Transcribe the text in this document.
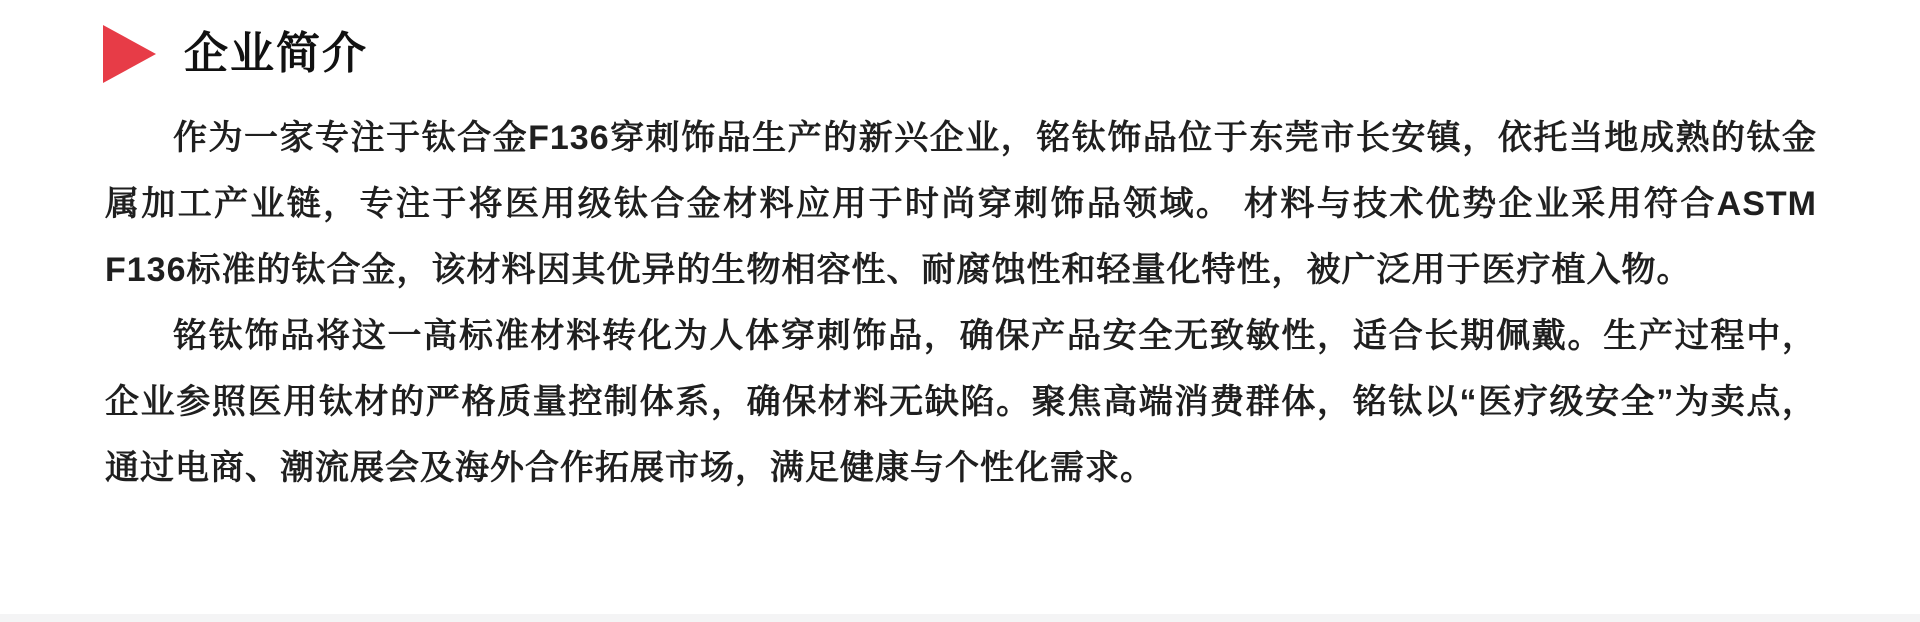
企业简介

作为一家专注于钛合金F136穿刺饰品生产的新兴企业，铭钛饰品位于东莞市长安镇，依托当地成熟的钛金属加工产业链，专注于将医用级钛合金材料应用于时尚穿刺饰品领域。 材料与技术优势企业采用符合ASTM F136标准的钛合金，该材料因其优异的生物相容性、耐腐蚀性和轻量化特性，被广泛用于医疗植入物。

铭钛饰品将这一高标准材料转化为人体穿刺饰品，确保产品安全无致敏性，适合长期佩戴。生产过程中，企业参照医用钛材的严格质量控制体系，确保材料无缺陷。聚焦高端消费群体，铭钛以“医疗级安全”为卖点，通过电商、潮流展会及海外合作拓展市场，满足健康与个性化需求。
